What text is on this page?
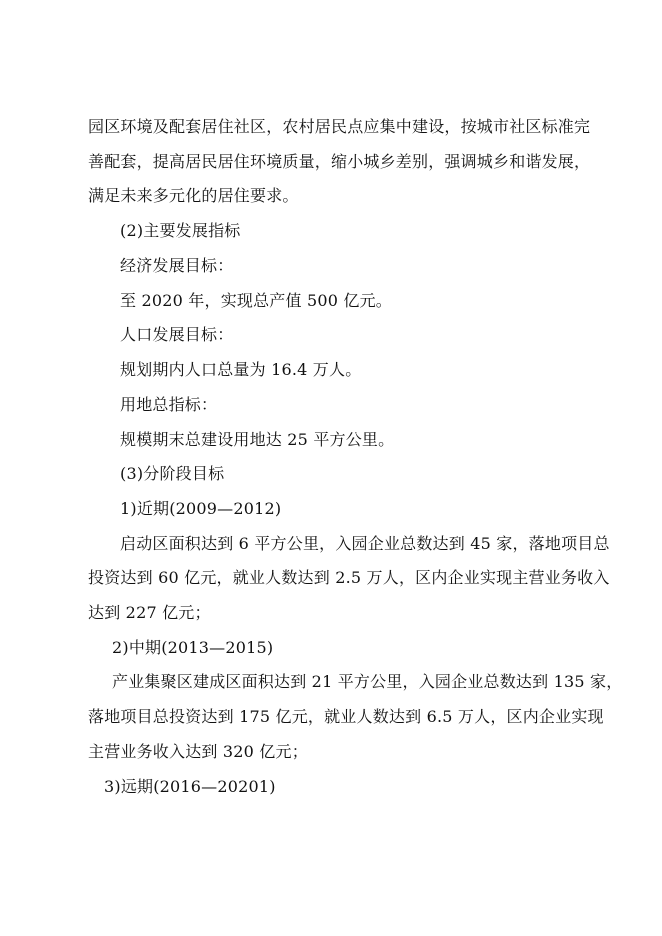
园区环境及配套居住社区，农村居民点应集中建设，按城市社区标准完
善配套，提高居民居住环境质量，缩小城乡差别，强调城乡和谐发展，
满足未来多元化的居住要求。
(2)主要发展指标
经济发展目标：
至 2020 年，实现总产值 500 亿元。
人口发展目标：
规划期内人口总量为 16.4 万人。
用地总指标：
规模期末总建设用地达 25 平方公里。
(3)分阶段目标
1)近期(2009—2012)
启动区面积达到 6 平方公里，入园企业总数达到 45 家，落地项目总
投资达到 60 亿元，就业人数达到 2.5 万人，区内企业实现主营业务收入
达到 227 亿元；
2)中期(2013—2015)
产业集聚区建成区面积达到 21 平方公里，入园企业总数达到 135 家，
落地项目总投资达到 175 亿元，就业人数达到 6.5 万人，区内企业实现
主营业务收入达到 320 亿元；
3)远期(2016—20201)
